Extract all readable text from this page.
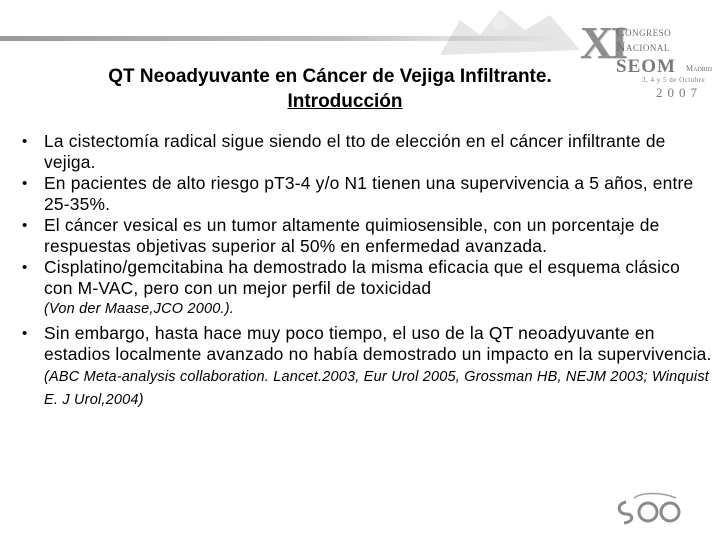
XI
Congreso
Nacional
SEOM Madrid
3, 4 y 5 de Octubre
2007
QT Neoadyuvante en Cáncer de Vejiga Infiltrante.
Introducción
• La cistectomía radical sigue siendo el tto de elección en el cáncer infiltrante de vejiga.
• En pacientes de alto riesgo pT3-4 y/o N1 tienen una supervivencia a 5 años, entre 25-35%.
• El cáncer vesical es un tumor altamente quimiosensible, con un porcentaje de respuestas objetivas superior al 50% en enfermedad avanzada.
• Cisplatino/gemcitabina ha demostrado la misma eficacia que el esquema clásico con M-VAC, pero con un mejor perfil de toxicidad
(Von der Maase,JCO 2000.).
• Sin embargo, hasta hace muy poco tiempo, el uso de la QT neoadyuvante en estadios localmente avanzado no había demostrado un impacto en la supervivencia. (ABC Meta-analysis collaboration. Lancet.2003, Eur Urol 2005, Grossman HB, NEJM 2003; Winquist E. J Urol,2004)
